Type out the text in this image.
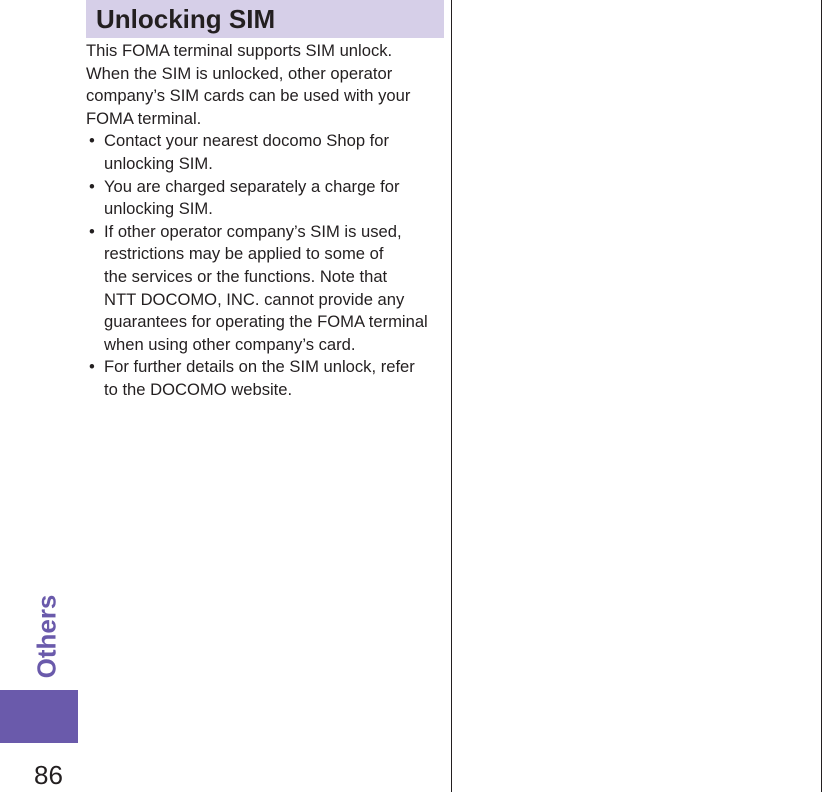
Unlocking SIM

This FOMA terminal supports SIM unlock.
When the SIM is unlocked, other operator
company’s SIM cards can be used with your
FOMA terminal.

• Contact your nearest docomo Shop for
unlocking SIM.
• You are charged separately a charge for
unlocking SIM.
• If other operator company’s SIM is used,
restrictions may be applied to some of
the services or the functions. Note that
NTT DOCOMO, INC. cannot provide any
guarantees for operating the FOMA terminal
when using other company’s card.
• For further details on the SIM unlock, refer
to the DOCOMO website.
Others
86
